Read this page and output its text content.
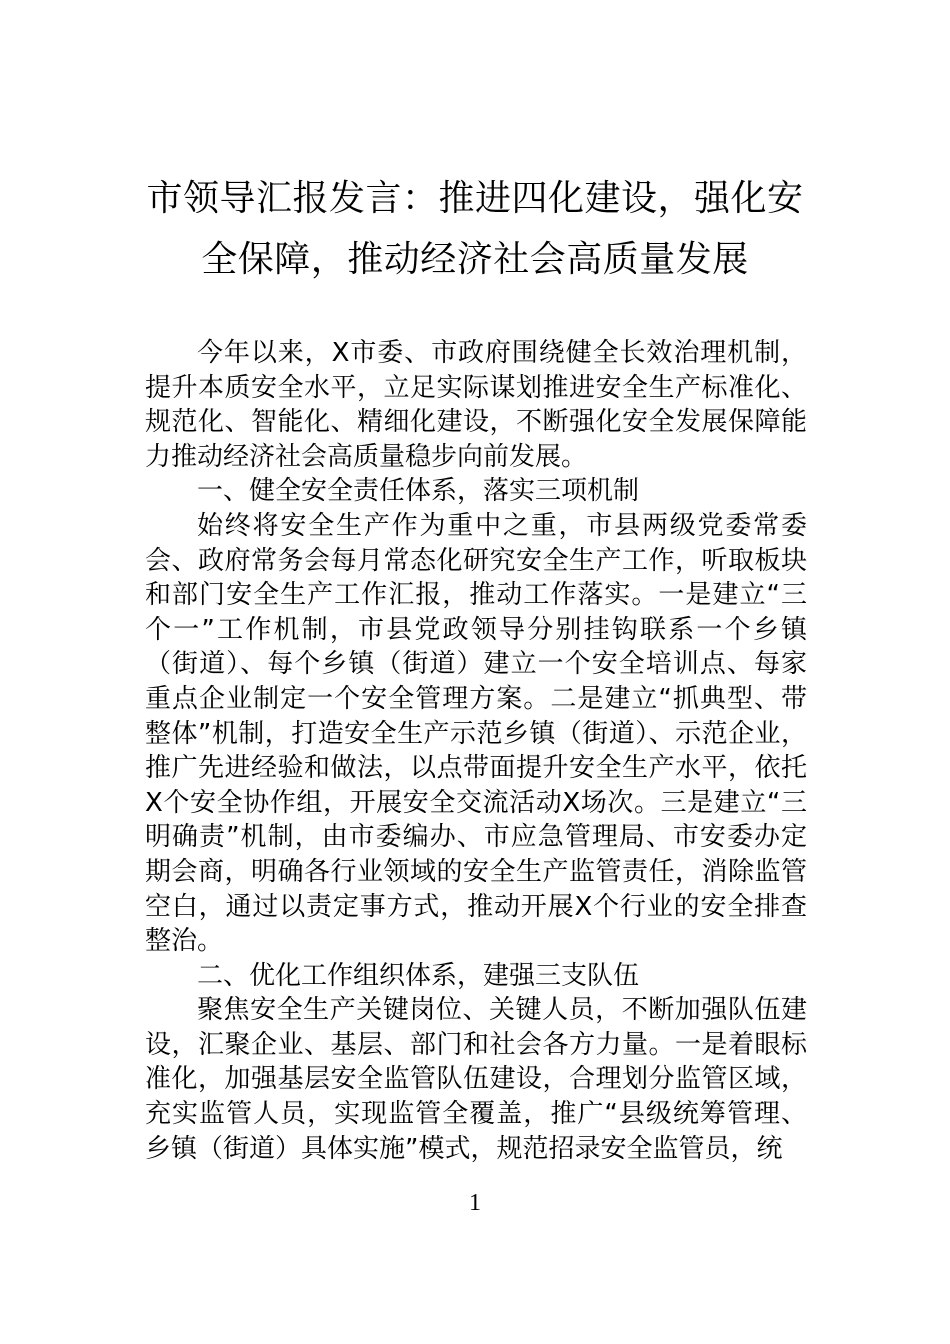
市领导汇报发言：推进四化建设，强化安
全保障，推动经济社会高质量发展

今年以来，X市委、市政府围绕健全长效治理机制，提升本质安全水平，立足实际谋划推进安全生产标准化、规范化、智能化、精细化建设，不断强化安全发展保障能力推动经济社会高质量稳步向前发展。

一、健全安全责任体系，落实三项机制

始终将安全生产作为重中之重，市县两级党委常委会、政府常务会每月常态化研究安全生产工作，听取板块和部门安全生产工作汇报，推动工作落实。一是建立“三个一”工作机制，市县党政领导分别挂钩联系一个乡镇（街道）、每个乡镇（街道）建立一个安全培训点、每家重点企业制定一个安全管理方案。二是建立“抓典型、带整体”机制，打造安全生产示范乡镇（街道）、示范企业，推广先进经验和做法，以点带面提升安全生产水平，依托X个安全协作组，开展安全交流活动X场次。三是建立“三明确责”机制，由市委编办、市应急管理局、市安委办定期会商，明确各行业领域的安全生产监管责任，消除监管空白，通过以责定事方式，推动开展X个行业的安全排查整治。

二、优化工作组织体系，建强三支队伍

聚焦安全生产关键岗位、关键人员，不断加强队伍建设，汇聚企业、基层、部门和社会各方力量。一是着眼标准化，加强基层安全监管队伍建设，合理划分监管区域，充实监管人员，实现监管全覆盖，推广“县级统筹管理、乡镇（街道）具体实施”模式，规范招录安全监管员，统

1
